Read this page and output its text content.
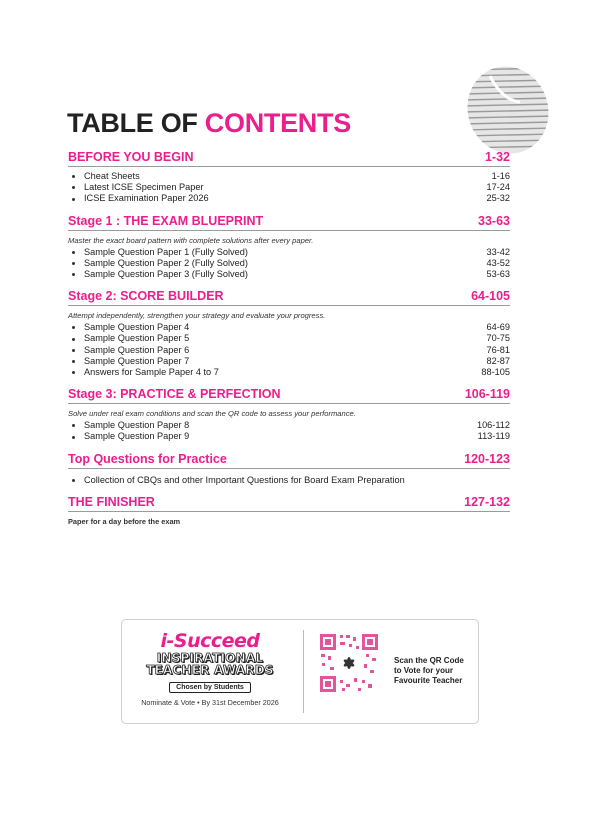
TABLE OF CONTENTS
BEFORE YOU BEGIN	1-32
Cheat Sheets	1-16
Latest ICSE Specimen Paper	17-24
ICSE Examination Paper 2026	25-32
Stage 1 : THE EXAM BLUEPRINT	33-63
Master the exact board pattern with complete solutions after every paper.
Sample Question Paper 1 (Fully Solved)	33-42
Sample Question Paper 2 (Fully Solved)	43-52
Sample Question Paper 3 (Fully Solved)	53-63
Stage 2: SCORE BUILDER	64-105
Attempt independently, strengthen your strategy and evaluate your progress.
Sample Question Paper 4	64-69
Sample Question Paper 5	70-75
Sample Question Paper 6	76-81
Sample Question Paper 7	82-87
Answers for Sample Paper 4 to 7	88-105
Stage 3: PRACTICE & PERFECTION	106-119
Solve under real exam conditions and scan the QR code to assess your performance.
Sample Question Paper 8	106-112
Sample Question Paper 9	113-119
Top Questions for Practice	120-123
Collection of CBQs and other Important Questions for Board Exam Preparation
THE FINISHER	127-132
Paper for a day before the exam
i-Succeed
INSPIRATIONAL
TEACHER AWARDS
Chosen by Students
Nominate & Vote • By 31st December 2026
Scan the QR Code
to Vote for your
Favourite Teacher
